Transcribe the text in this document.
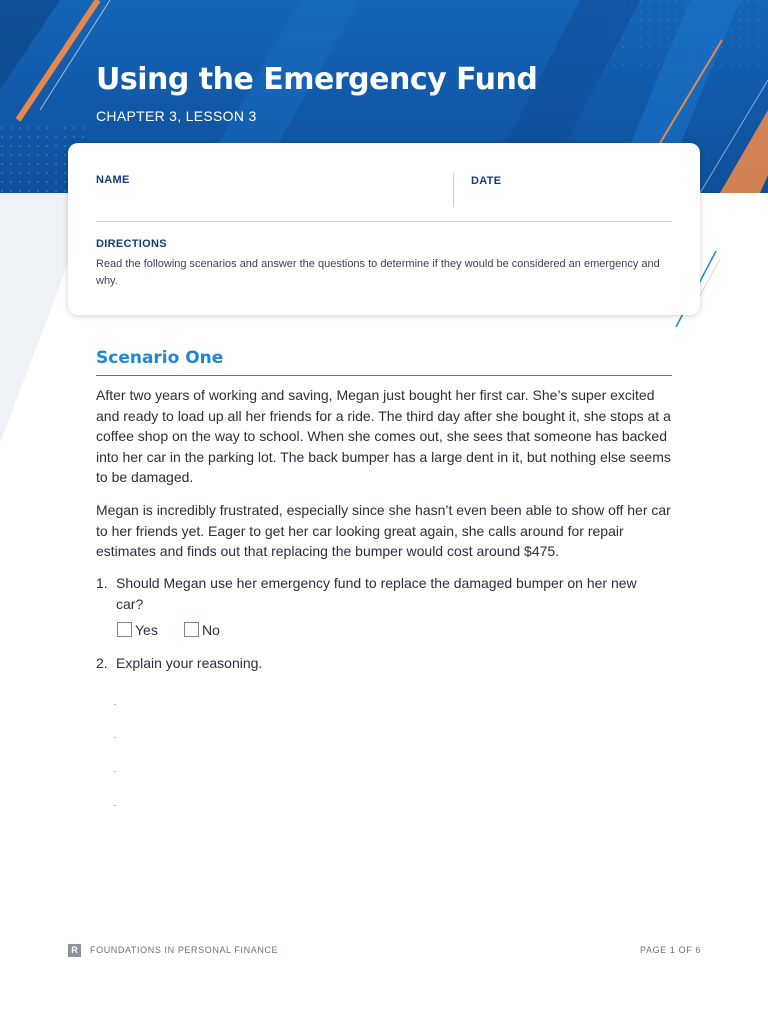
Using the Emergency Fund
CHAPTER 3, LESSON 3
NAME	DATE
DIRECTIONS
Read the following scenarios and answer the questions to determine if they would be considered an emergency and why.
Scenario One

After two years of working and saving, Megan just bought her first car. She’s super excited and ready to load up all her friends for a ride. The third day after she bought it, she stops at a coffee shop on the way to school. When she comes out, she sees that someone has backed into her car in the parking lot. The back bumper has a large dent in it, but nothing else seems to be damaged.

Megan is incredibly frustrated, especially since she hasn’t even been able to show off her car to her friends yet. Eager to get her car looking great again, she calls around for repair estimates and finds out that replacing the bumper would cost around $475.

1. Should Megan use her emergency fund to replace the damaged bumper on her new car?
Yes	No
2. Explain your reasoning.
R	FOUNDATIONS IN PERSONAL FINANCE	PAGE 1 OF 6
